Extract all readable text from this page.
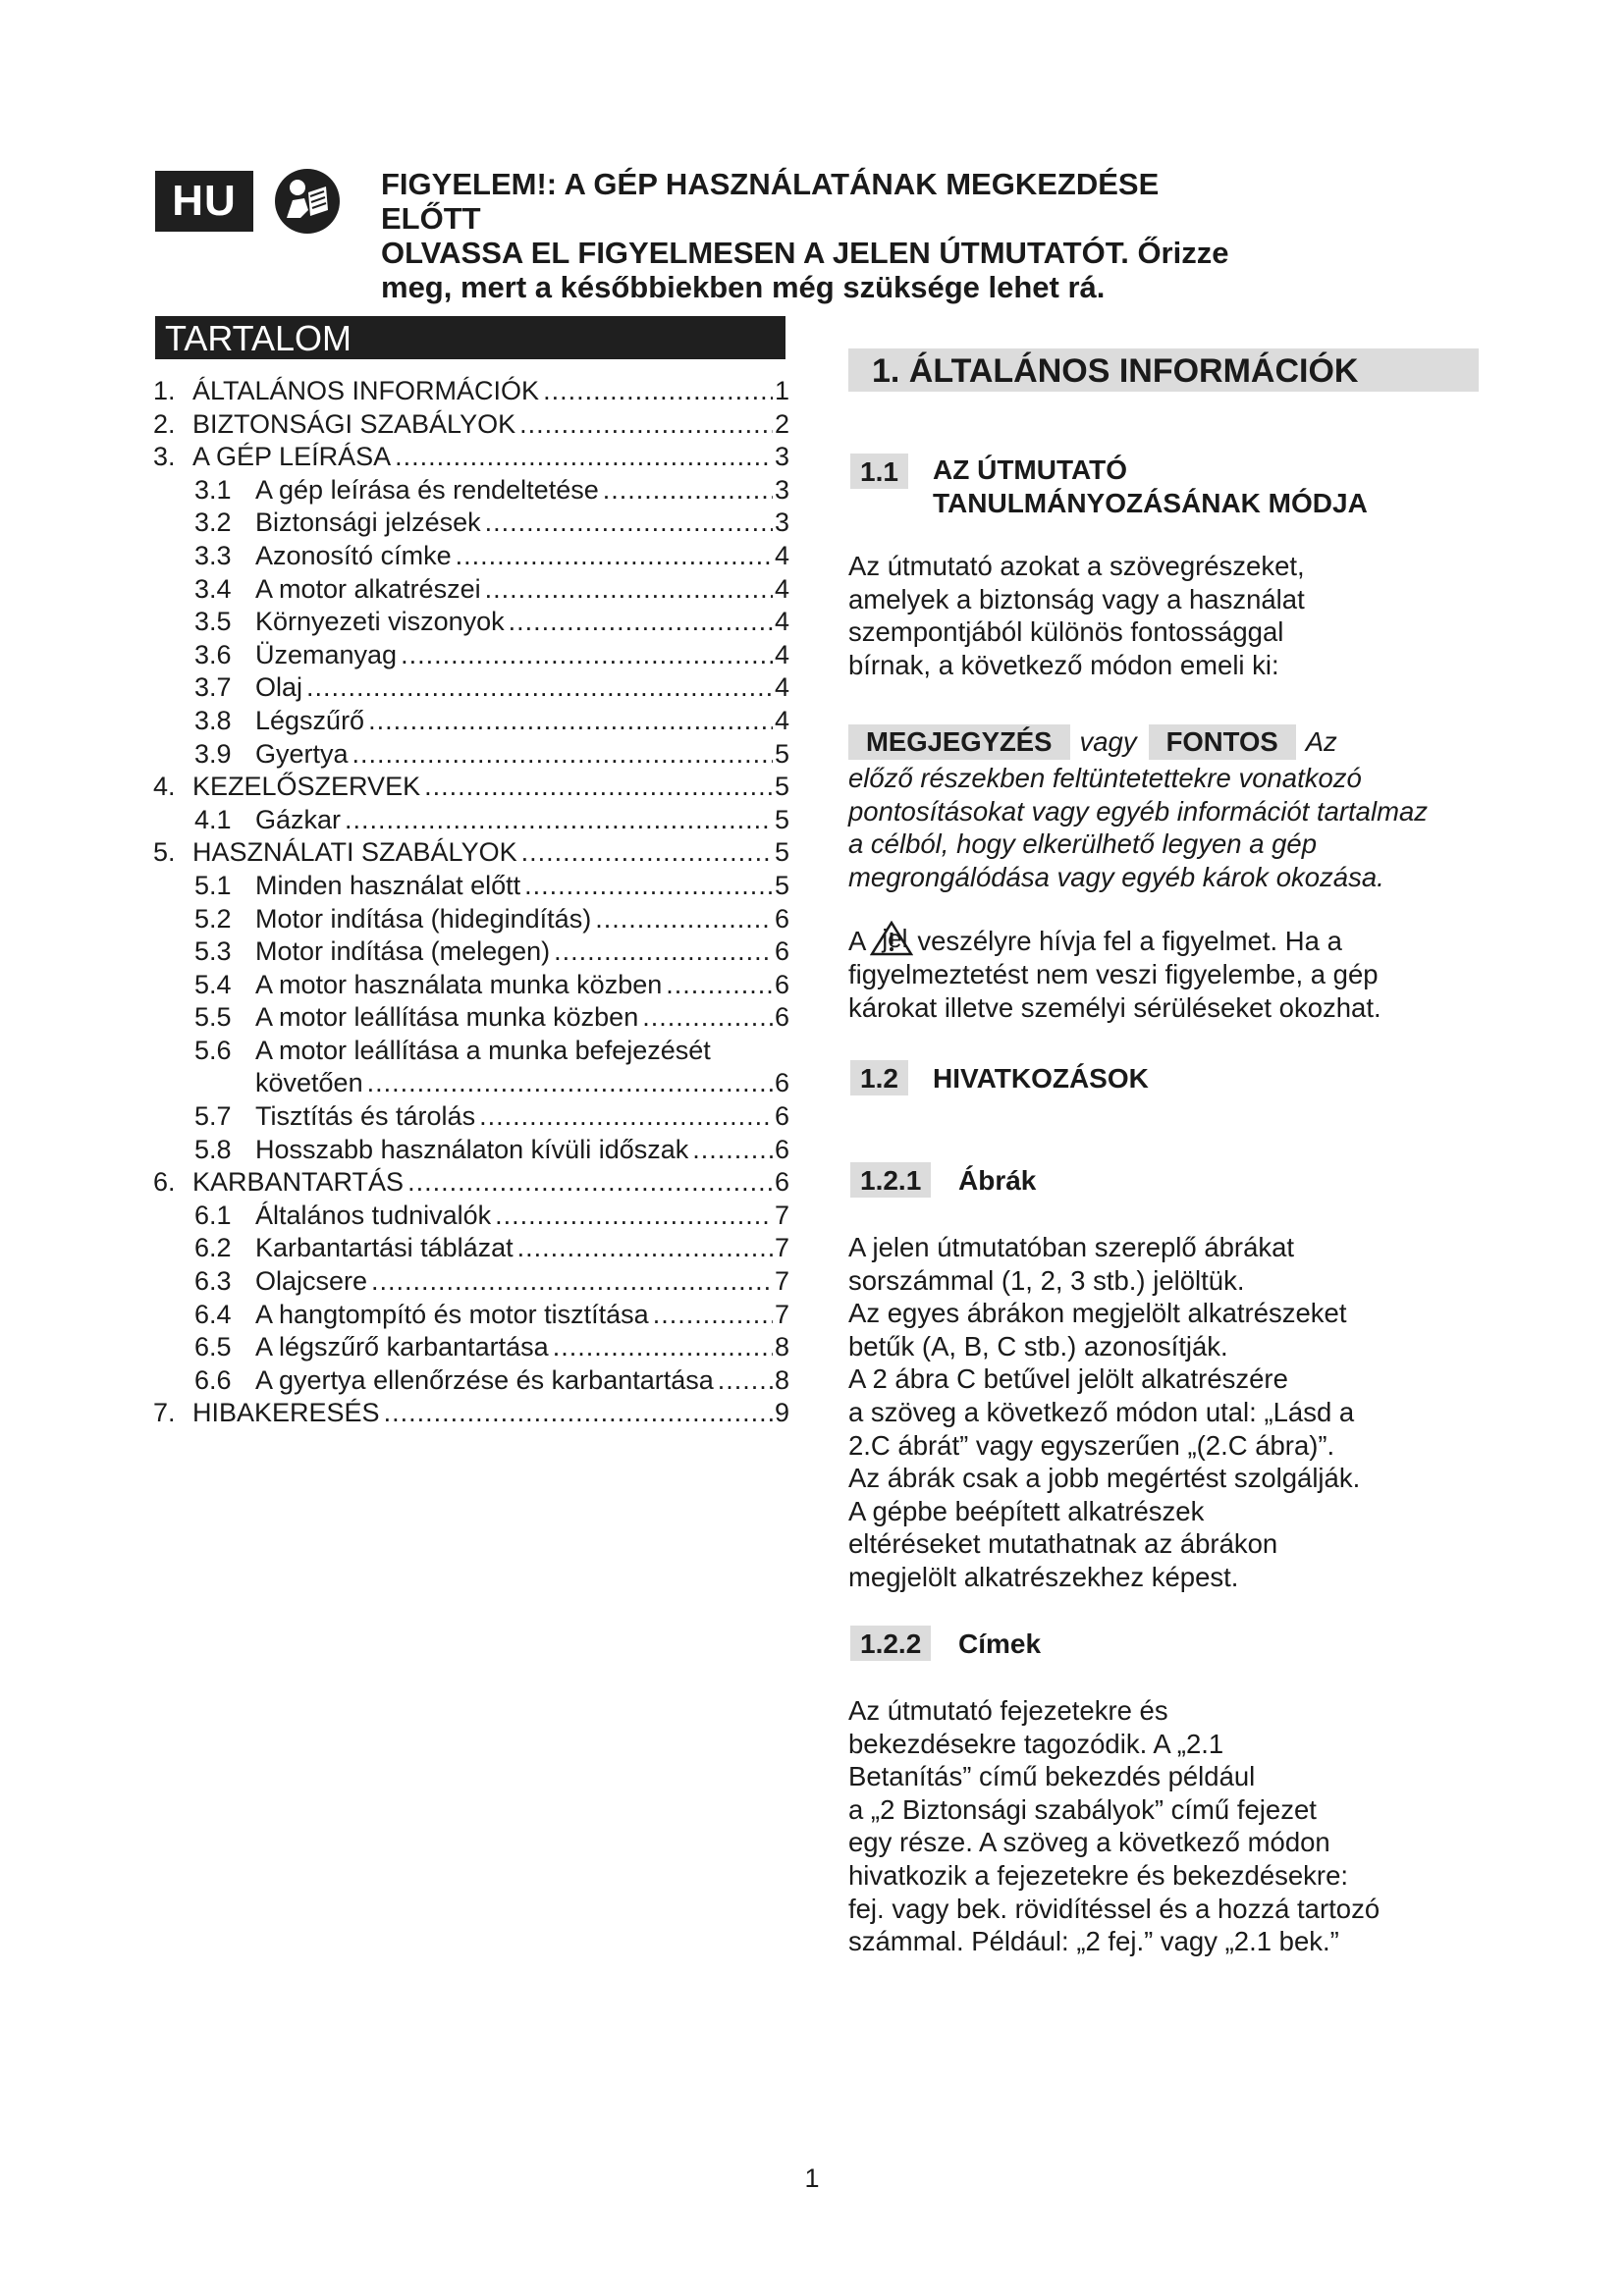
HU	FIGYELEM!: A GÉP HASZNÁLATÁNAK MEGKEZDÉSE ELŐTT
OLVASSA EL FIGYELMESEN A JELEN ÚTMUTATÓT. Őrizze
meg, mert a későbbiekben még szüksége lehet rá.
TARTALOM
1. ÁLTALÁNOS INFORMÁCIÓK .....	1
2. BIZTONSÁGI SZABÁLYOK .....	2
3. A GÉP LEÍRÁSA .....	3
3.1 A gép leírása és rendeltetése .....	3
3.2 Biztonsági jelzések .....	3
3.3 Azonosító címke .....	4
3.4 A motor alkatrészei .....	4
3.5 Környezeti viszonyok .....	4
3.6 Üzemanyag .....	4
3.7 Olaj .....	4
3.8 Légszűrő .....	4
3.9 Gyertya .....	5
4. KEZELŐSZERVEK .....	5
4.1 Gázkar .....	5
5. HASZNÁLATI SZABÁLYOK .....	5
5.1 Minden használat előtt .....	5
5.2 Motor indítása (hidegindítás) .....	6
5.3 Motor indítása (melegen) .....	6
5.4 A motor használata munka közben .....	6
5.5 A motor leállítása munka közben .....	6
5.6 A motor leállítása a munka befejezését
követően .....	6
5.7 Tisztítás és tárolás .....	6
5.8 Hosszabb használaton kívüli időszak .....	6
6. KARBANTARTÁS .....	6
6.1 Általános tudnivalók .....	7
6.2 Karbantartási táblázat .....	7
6.3 Olajcsere .....	7
6.4 A hangtompító és motor tisztítása .....	7
6.5 A légszűrő karbantartása .....	8
6.6 A gyertya ellenőrzése és karbantartása ..... 8
7. HIBAKERESÉS .....	9
1. ÁLTALÁNOS INFORMÁCIÓK
1.1	AZ ÚTMUTATÓ
TANULMÁNYOZÁSÁNAK MÓDJA
Az útmutató azokat a szövegrészeket,
amelyek a biztonság vagy a használat
szempontjából különös fontossággal
bírnak, a következő módon emeli ki:
MEGJEGYZÉS	vagy	FONTOS	Az
előző részekben feltüntetettekre vonatkozó
pontosításokat vagy egyéb információt tartalmaz
a célból, hogy elkerülhető legyen a gép
megrongálódása vagy egyéb károk okozása.
A jel veszélyre hívja fel a figyelmet. Ha a
figyelmeztetést nem veszi figyelembe, a gép
károkat illetve személyi sérüléseket okozhat.
1.2	HIVATKOZÁSOK
1.2.1	Ábrák
A jelen útmutatóban szereplő ábrákat
sorszámmal (1, 2, 3 stb.) jelöltük.
Az egyes ábrákon megjelölt alkatrészeket
betűk (A, B, C stb.) azonosítják.
A 2 ábra C betűvel jelölt alkatrészére
a szöveg a következő módon utal: „Lásd a
2.C ábrát” vagy egyszerűen „(2.C ábra)”.
Az ábrák csak a jobb megértést szolgálják.
A gépbe beépített alkatrészek
eltéréseket mutathatnak az ábrákon
megjelölt alkatrészekhez képest.
1.2.2	Címek
Az útmutató fejezetekre és
bekezdésekre tagozódik. A „2.1
Betanítás” című bekezdés például
a „2 Biztonsági szabályok” című fejezet
egy része. A szöveg a következő módon
hivatkozik a fejezetekre és bekezdésekre:
fej. vagy bek. rövidítéssel és a hozzá tartozó
számmal. Például: „2 fej.” vagy „2.1 bek.”
1
